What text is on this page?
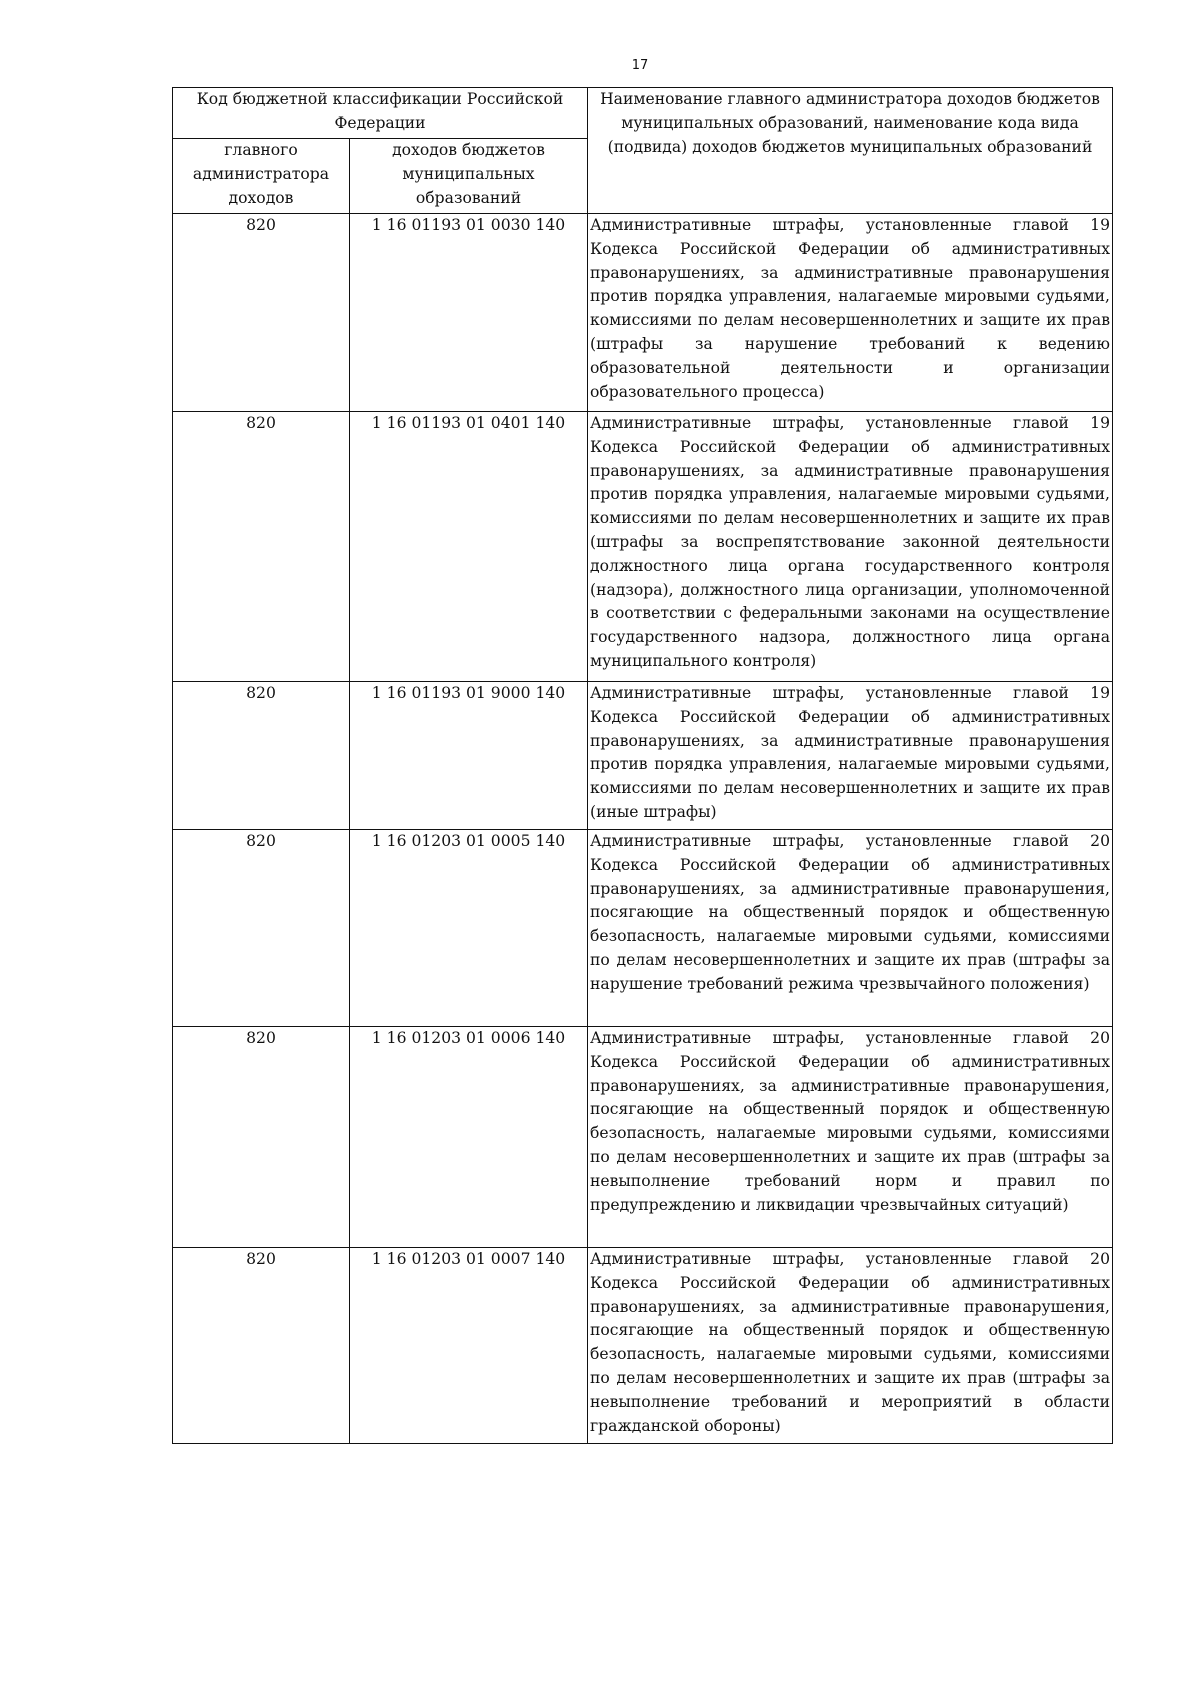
17
Код бюджетной классификации Российской Федерации		Наименование главного администратора доходов бюджетов муниципальных образований, наименование кода вида (подвида) доходов бюджетов муниципальных образований
главного администратора доходов	доходов бюджетов муниципальных образований	
820	1 16 01193 01 0030 140	Административные штрафы, установленные главой 19 Кодекса Российской Федерации об административных правонарушениях, за административные правонарушения против порядка управления, налагаемые мировыми судьями, комиссиями по делам несовершеннолетних и защите их прав (штрафы за нарушение требований к ведению образовательной деятельности и организации образовательного процесса)
820	1 16 01193 01 0401 140	Административные штрафы, установленные главой 19 Кодекса Российской Федерации об административных правонарушениях, за административные правонарушения против порядка управления, налагаемые мировыми судьями, комиссиями по делам несовершеннолетних и защите их прав (штрафы за воспрепятствование законной деятельности должностного лица органа государственного контроля (надзора), должностного лица организации, уполномоченной в соответствии с федеральными законами на осуществление государственного надзора, должностного лица органа муниципального контроля)
820	1 16 01193 01 9000 140	Административные штрафы, установленные главой 19 Кодекса Российской Федерации об административных правонарушениях, за административные правонарушения против порядка управления, налагаемые мировыми судьями, комиссиями по делам несовершеннолетних и защите их прав (иные штрафы)
820	1 16 01203 01 0005 140	Административные штрафы, установленные главой 20 Кодекса Российской Федерации об административных правонарушениях, за административные правонарушения, посягающие на общественный порядок и общественную безопасность, налагаемые мировыми судьями, комиссиями по делам несовершеннолетних и защите их прав (штрафы за нарушение требований режима чрезвычайного положения)
820	1 16 01203 01 0006 140	Административные штрафы, установленные главой 20 Кодекса Российской Федерации об административных правонарушениях, за административные правонарушения, посягающие на общественный порядок и общественную безопасность, налагаемые мировыми судьями, комиссиями по делам несовершеннолетних и защите их прав (штрафы за невыполнение требований норм и правил по предупреждению и ликвидации чрезвычайных ситуаций)
820	1 16 01203 01 0007 140	Административные штрафы, установленные главой 20 Кодекса Российской Федерации об административных правонарушениях, за административные правонарушения, посягающие на общественный порядок и общественную безопасность, налагаемые мировыми судьями, комиссиями по делам несовершеннолетних и защите их прав (штрафы за невыполнение требований и мероприятий в области гражданской обороны)
